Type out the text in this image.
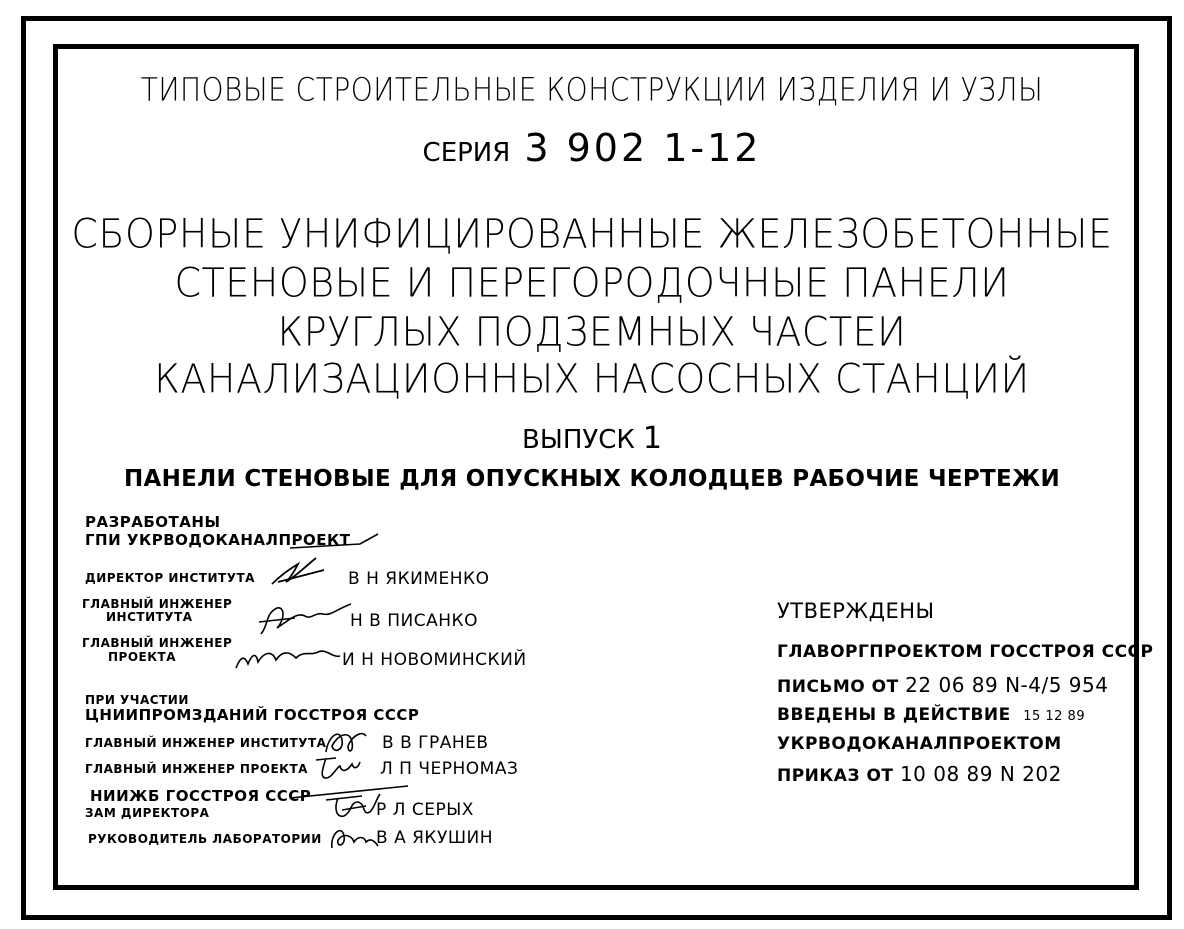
ТИПОВЫЕ СТРОИТЕЛЬНЫЕ КОНСТРУКЦИИ ИЗДЕЛИЯ И УЗЛЫ
СЕРИЯ 3 902 1-12
СБОРНЫЕ УНИФИЦИРОВАННЫЕ ЖЕЛЕЗОБЕТОННЫЕ
СТЕНОВЫЕ И ПЕРЕГОРОДОЧНЫЕ ПАНЕЛИ
КРУГЛЫХ ПОДЗЕМНЫХ ЧАСТЕИ
КАНАЛИЗАЦИОННЫХ НАСОСНЫХ СТАНЦИЙ
ВЫПУСК 1
ПАНЕЛИ СТЕНОВЫЕ ДЛЯ ОПУСКНЫХ КОЛОДЦЕВ РАБОЧИЕ ЧЕРТЕЖИ
РАЗРАБОТАНЫ
ГПИ УКРВОДОКАНАЛПРОЕКТ
ДИРЕКТОР ИНСТИТУТА	В Н ЯКИМЕНКО
ГЛАВНЫЙ ИНЖЕНЕР
ИНСТИТУТА	Н В ПИСАНКО
ГЛАВНЫЙ ИНЖЕНЕР
ПРОЕКТА	И Н НОВОМИНСКИЙ
ПРИ УЧАСТИИ
ЦНИИПРОМЗДАНИЙ ГОССТРОЯ СССР
ГЛАВНЫЙ ИНЖЕНЕР ИНСТИТУТА	В В ГРАНЕВ
ГЛАВНЫЙ ИНЖЕНЕР ПРОЕКТА	Л П ЧЕРНОМАЗ
НИИЖБ ГОССТРОЯ СССР
ЗАМ ДИРЕКТОРА	Р Л СЕРЫХ
РУКОВОДИТЕЛЬ ЛАБОРАТОРИИ	В А ЯКУШИН
УТВЕРЖДЕНЫ
ГЛАВОРГПРОЕКТОМ ГОССТРОЯ СССР
ПИСЬМО ОТ 22 06 89 N-4/5 954
ВВЕДЕНЫ В ДЕЙСТВИЕ 15 12 89
УКРВОДОКАНАЛПРОЕКТОМ
ПРИКАЗ ОТ 10 08 89 N 202
